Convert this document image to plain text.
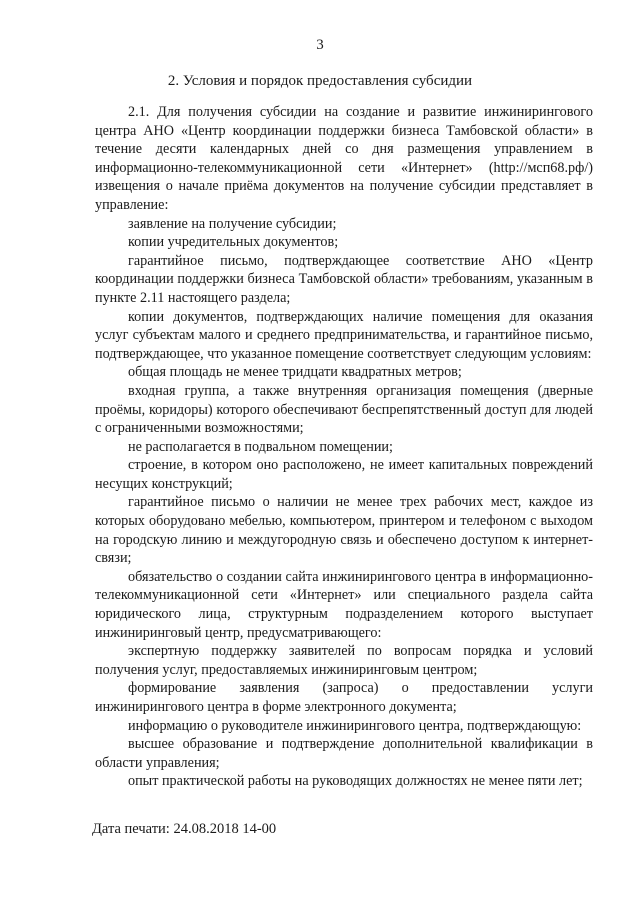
3
2. Условия и порядок предоставления субсидии

2.1. Для получения субсидии на создание и развитие инжинирингового центра АНО «Центр координации поддержки бизнеса Тамбовской области» в течение десяти календарных дней со дня размещения управлением в информационно-телекоммуникационной сети «Интернет» (http://мсп68.рф/) извещения о начале приёма документов на получение субсидии представляет в управление:

заявление на получение субсидии;

копии учредительных документов;

гарантийное письмо, подтверждающее соответствие АНО «Центр координации поддержки бизнеса Тамбовской области» требованиям, указанным в пункте 2.11 настоящего раздела;

копии документов, подтверждающих наличие помещения для оказания услуг субъектам малого и среднего предпринимательства, и гарантийное письмо, подтверждающее, что указанное помещение соответствует следующим условиям:

общая площадь не менее тридцати квадратных метров;

входная группа, а также внутренняя организация помещения (дверные проёмы, коридоры) которого обеспечивают беспрепятственный доступ для людей с ограниченными возможностями;

не располагается в подвальном помещении;

строение, в котором оно расположено, не имеет капитальных повреждений несущих конструкций;

гарантийное письмо о наличии не менее трех рабочих мест, каждое из которых оборудовано мебелью, компьютером, принтером и телефоном с выходом на городскую линию и междугородную связь и обеспечено доступом к интернет-связи;

обязательство о создании сайта инжинирингового центра в информационно-телекоммуникационной сети «Интернет» или специального раздела сайта юридического лица, структурным подразделением которого выступает инжиниринговый центр, предусматривающего:

экспертную поддержку заявителей по вопросам порядка и условий получения услуг, предоставляемых инжиниринговым центром;

формирование заявления (запроса) о предоставлении услуги инжинирингового центра в форме электронного документа;

информацию о руководителе инжинирингового центра, подтверждающую:

высшее образование и подтверждение дополнительной квалификации в области управления;

опыт практической работы на руководящих должностях не менее пяти лет;

Дата печати: 24.08.2018 14-00
